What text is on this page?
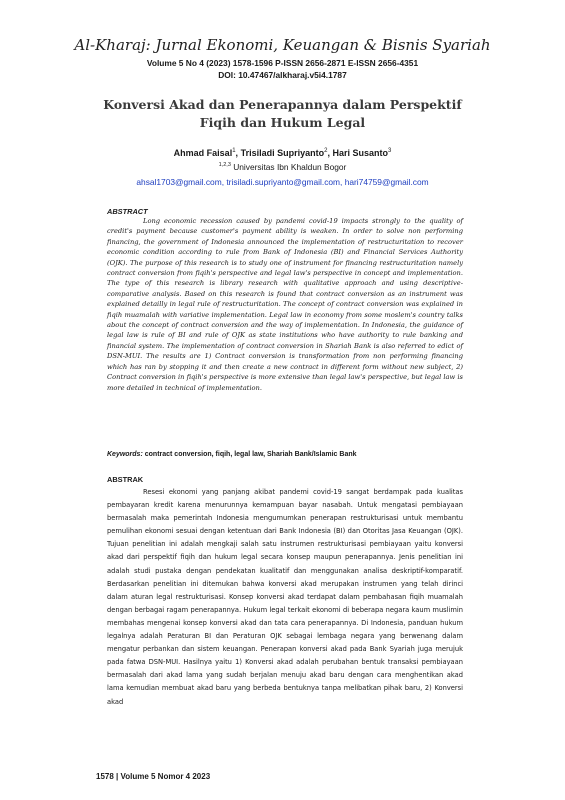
Al-Kharaj: Jurnal Ekonomi, Keuangan & Bisnis Syariah
Volume 5 No 4 (2023) 1578-1596 P-ISSN 2656-2871 E-ISSN 2656-4351
DOI: 10.47467/alkharaj.v5i4.1787
Konversi Akad dan Penerapannya dalam Perspektif Fiqih dan Hukum Legal
Ahmad Faisal$^1$, Trisiladi Supriyanto$^2$, Hari Susanto$^3$
$^{1,2,3}$ Universitas Ibn Khaldun Bogor
ahsal1703@gmail.com, trisiladi.supriyanto@gmail.com, hari74759@gmail.com
ABSTRACT

Long economic recession caused by pandemi covid-19 impacts strongly to the quality of credit's payment because customer's payment ability is weaken. In order to solve non performing financing, the government of Indonesia announced the implementation of restructuritation to recover economic condition according to rule from Bank of Indonesia (BI) and Financial Services Authority (OJK). The purpose of this research is to study one of instrument for financing restructuritation namely contract conversion from fiqih's perspective and legal law's perspective in concept and implementation. The type of this research is library research with qualitative approach and using descriptive-comparative analysis. Based on this research is found that contract conversion as an instrument was explained detailly in legal rule of restructuritation. The concept of contract conversion was explained in fiqih muamalah with variative implementation. Legal law in economy from some moslem's country talks about the concept of contract conversion and the way of implementation. In Indonesia, the guidance of legal law is rule of BI and rule of OJK as state institutions who have authority to rule banking and financial system. The implementation of contract conversion in Shariah Bank is also referred to edict of DSN-MUI. The results are 1) Contract conversion is transformation from non performing financing which has ran by stopping it and then create a new contract in different form without new subject, 2) Contract conversion in fiqih's perspective is more extensive than legal law's perspective, but legal law is more detailed in technical of implementation.

Keywords: contract conversion, fiqih, legal law, Shariah Bank/Islamic Bank
ABSTRAK

Resesi ekonomi yang panjang akibat pandemi covid-19 sangat berdampak pada kualitas pembayaran kredit karena menurunnya kemampuan bayar nasabah. Untuk mengatasi pembiayaan bermasalah maka pemerintah Indonesia mengumumkan penerapan restrukturisasi untuk membantu pemulihan ekonomi sesuai dengan ketentuan dari Bank Indonesia (BI) dan Otoritas Jasa Keuangan (OJK). Tujuan penelitian ini adalah mengkaji salah satu instrumen restrukturisasi pembiayaan yaitu konversi akad dari perspektif fiqih dan hukum legal secara konsep maupun penerapannya. Jenis penelitian ini adalah studi pustaka dengan pendekatan kualitatif dan menggunakan analisa deskriptif-komparatif. Berdasarkan penelitian ini ditemukan bahwa konversi akad merupakan instrumen yang telah dirinci dalam aturan legal restrukturisasi. Konsep konversi akad terdapat dalam pembahasan fiqih muamalah dengan berbagai ragam penerapannya. Hukum legal terkait ekonomi di beberapa negara kaum muslimin membahas mengenai konsep konversi akad dan tata cara penerapannya. Di Indonesia, panduan hukum legalnya adalah Peraturan BI dan Peraturan OJK sebagai lembaga negara yang berwenang dalam mengatur perbankan dan sistem keuangan. Penerapan konversi akad pada Bank Syariah juga merujuk pada fatwa DSN-MUI. Hasilnya yaitu 1) Konversi akad adalah perubahan bentuk transaksi pembiayaan bermasalah dari akad lama yang sudah berjalan menuju akad baru dengan cara menghentikan akad lama kemudian membuat akad baru yang berbeda bentuknya tanpa melibatkan pihak baru, 2) Konversi akad

1578 | Volume 5 Nomor 4 2023
